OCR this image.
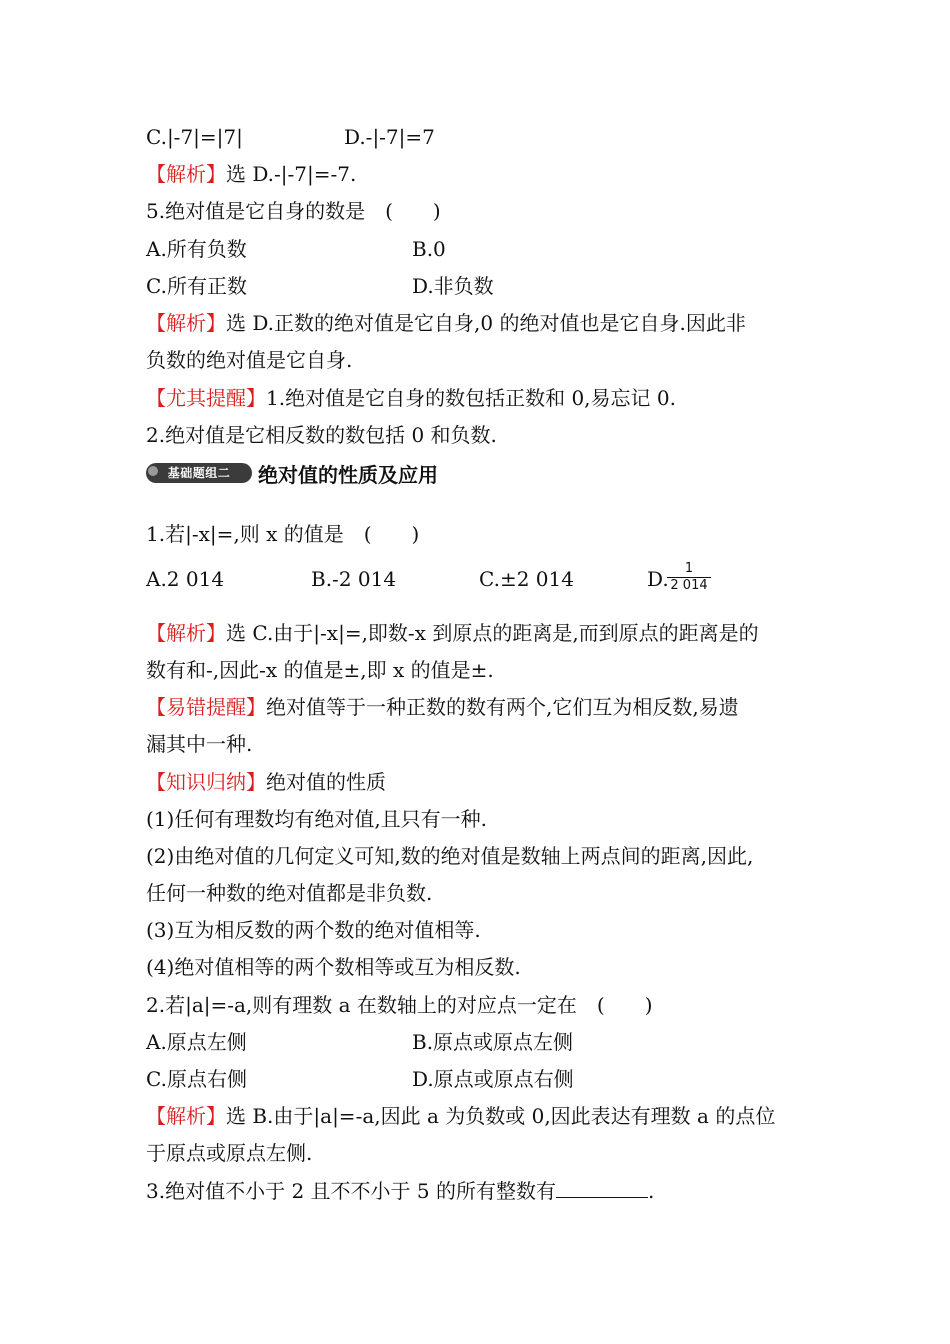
C.|-7|=|7|	D.-|-7|=7
【解析】选 D.-|-7|=-7.
5.绝对值是它自身的数是　(　　)
A.所有负数	B.0
C.所有正数	D.非负数
【解析】选 D.正数的绝对值是它自身,0 的绝对值也是它自身.因此非
负数的绝对值是它自身.
【尤其提醒】1.绝对值是它自身的数包括正数和 0,易忘记 0.
2.绝对值是它相反数的数包括 0 和负数.
基础题组二	绝对值的性质及应用
1.若|-x|=,则 x 的值是　(　　)
A.2 014	B.-2 014	C.±2 014	D.	1
2 014
【解析】选 C.由于|-x|=,即数-x 到原点的距离是,而到原点的距离是的
数有和-,因此-x 的值是±,即 x 的值是±.
【易错提醒】绝对值等于一种正数的数有两个,它们互为相反数,易遗
漏其中一种.
【知识归纳】绝对值的性质
(1)任何有理数均有绝对值,且只有一种.
(2)由绝对值的几何定义可知,数的绝对值是数轴上两点间的距离,因此,
任何一种数的绝对值都是非负数.
(3)互为相反数的两个数的绝对值相等.
(4)绝对值相等的两个数相等或互为相反数.
2.若|a|=-a,则有理数 a 在数轴上的对应点一定在　(　　)
A.原点左侧	B.原点或原点左侧
C.原点右侧	D.原点或原点右侧
【解析】选 B.由于|a|=-a,因此 a 为负数或 0,因此表达有理数 a 的点位
于原点或原点左侧.
3.绝对值不小于 2 且不不小于 5 的所有整数有	.
